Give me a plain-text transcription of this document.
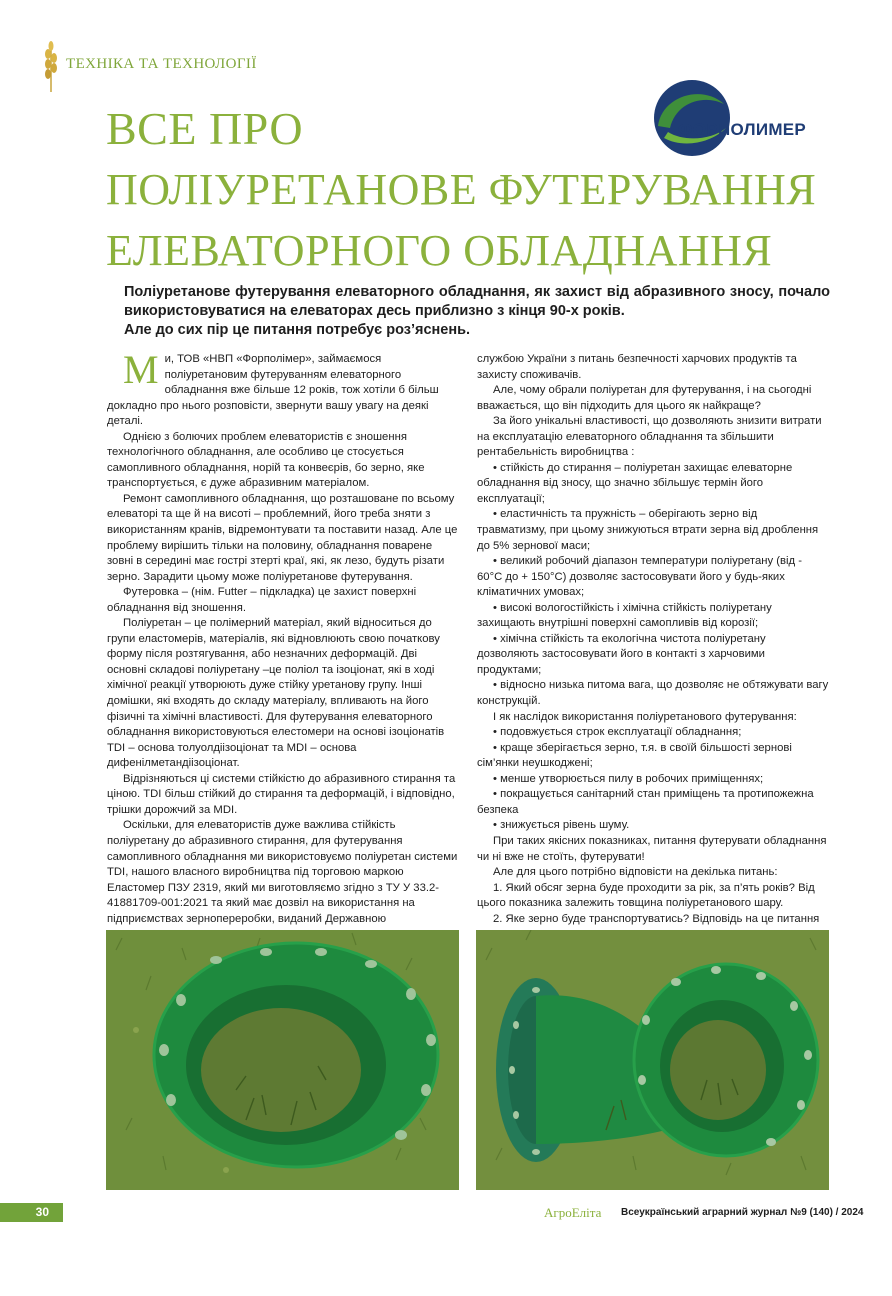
ТЕХНІКА ТА ТЕХНОЛОГІЇ
ВСЕ ПРО
ПОЛІУРЕТАНОВЕ ФУТЕРУВАННЯ
ЕЛЕВАТОРНОГО ОБЛАДНАННЯ
ФОРПОЛИМЕР

Поліуретанове футерування елеваторного обладнання, як захист від абразивного зносу, почало використовуватися на елеваторах десь приблизно з кінця 90-х років.

Але до сих пір це питання потребує роз’яснень.

Ми, ТОВ «НВП «Форполімер», займаємося поліуретановим футеруванням елеваторного обладнання вже більше 12 років, тож хотіли б більш докладно про нього розповісти, звернути вашу увагу на деякі деталі.

Однією з болючих проблем елеватористів є зношення технологічного обладнання, але особливо це стосується самопливного обладнання, норій та конвеєрів, бо зерно, яке транспортується, є дуже абразивним матеріалом.

Ремонт самопливного обладнання, що розташоване по всьому елеваторі та ще й на висоті – проблемний, його треба зняти з використанням кранів, відремонтувати та поставити назад. Але це проблему вирішить тільки на половину, обладнання поварене зовні в середині має гострі зтерті краї, які, як лезо, будуть різати зерно. Зарадити цьому може поліуретанове футерування.

Футеровка – (нім. Futter – підкладка) це захист поверхні обладнання від зношення.

Поліуретан – це полімерний матеріал, який відноситься до групи еластомерів, матеріалів, які відновлюють свою початкову форму після розтягування, або незначних деформацій. Дві основні складові поліуретану –це поліол та ізоціонат, які в ході хімічної реакції утворюють дуже стійку уретанову групу. Інші домішки, які входять до складу матеріалу, впливають на його фізичні та хімічні властивості. Для футерування елеваторного обладнання використовуються елестомери на основі ізоціонатів TDI – основа толуолдіізоціонат та MDI – основа дифенілметандіізоціонат.

Відрізняються ці системи стійкістю до абразивного стирання та ціною. TDI більш стійкий до стирання та деформацій, і відповідно, трішки дорожчий за MDI.

Оскільки, для елеватористів дуже важлива стійкість поліуретану до абразивного стирання, для футерування самопливного обладнання ми використовуємо поліуретан системи TDI, нашого власного виробництва під торговою маркою Еластомер ПЗУ 2319, який ми виготовляємо згідно з ТУ У 33.2-41881709-001:2021 та який має дозвіл на використання на підприємствах зернопереробки, виданий Державною

службою України з питань безпечності харчових продуктів та захисту споживачів.

Але, чому обрали поліуретан для футерування, і на сьогодні вважається, що він підходить для цього як найкраще?

За його унікальні властивості, що дозволяють знизити витрати на експлуатацію елеваторного обладнання та збільшити рентабельність виробництва :

• стійкість до стирання – поліуретан захищає елеваторне обладнання від зносу, що значно збільшує термін його експлуатації;

• еластичність та пружність – оберігають зерно від травматизму, при цьому знижуються втрати зерна від дроблення до 5% зернової маси;

• великий робочий діапазон температури поліуретану (від - 60°С до + 150°С) дозволяє застосовувати його у будь-яких кліматичних умовах;

• високі вологостійкість і хімічна стійкість поліуретану захищають внутрішні поверхні самопливів від корозії;

• хімічна стійкість та екологічна чистота поліуретану дозволяють застосовувати його в контакті з харчовими продуктами;

• відносно низька питома вага, що дозволяє не обтяжувати вагу конструкцій.

І як наслідок використання поліуретанового футерування:

• подовжується строк експлуатації обладнання;

• краще зберігається зерно, т.я. в своїй більшості зернові сім’янки неушкоджені;

• менше утворюється пилу в робочих приміщеннях;

• покращується санітарний стан приміщень та протипожежна безпека

• знижується рівень шуму.

При таких якісних показниках, питання футерувати обладнання чи ні вже не стоїть, футерувати!

Але для цього потрібно відповісти на декілька питань:

1. Який обсяг зерна буде проходити за рік, за п’ять років? Від цього показника залежить товщина поліуретанового шару.

2. Яке зерно буде транспортуватись? Відповідь на це питання

30	АгроЕліта Всеукраїнський аграрний журнал №9 (140) / 2024
